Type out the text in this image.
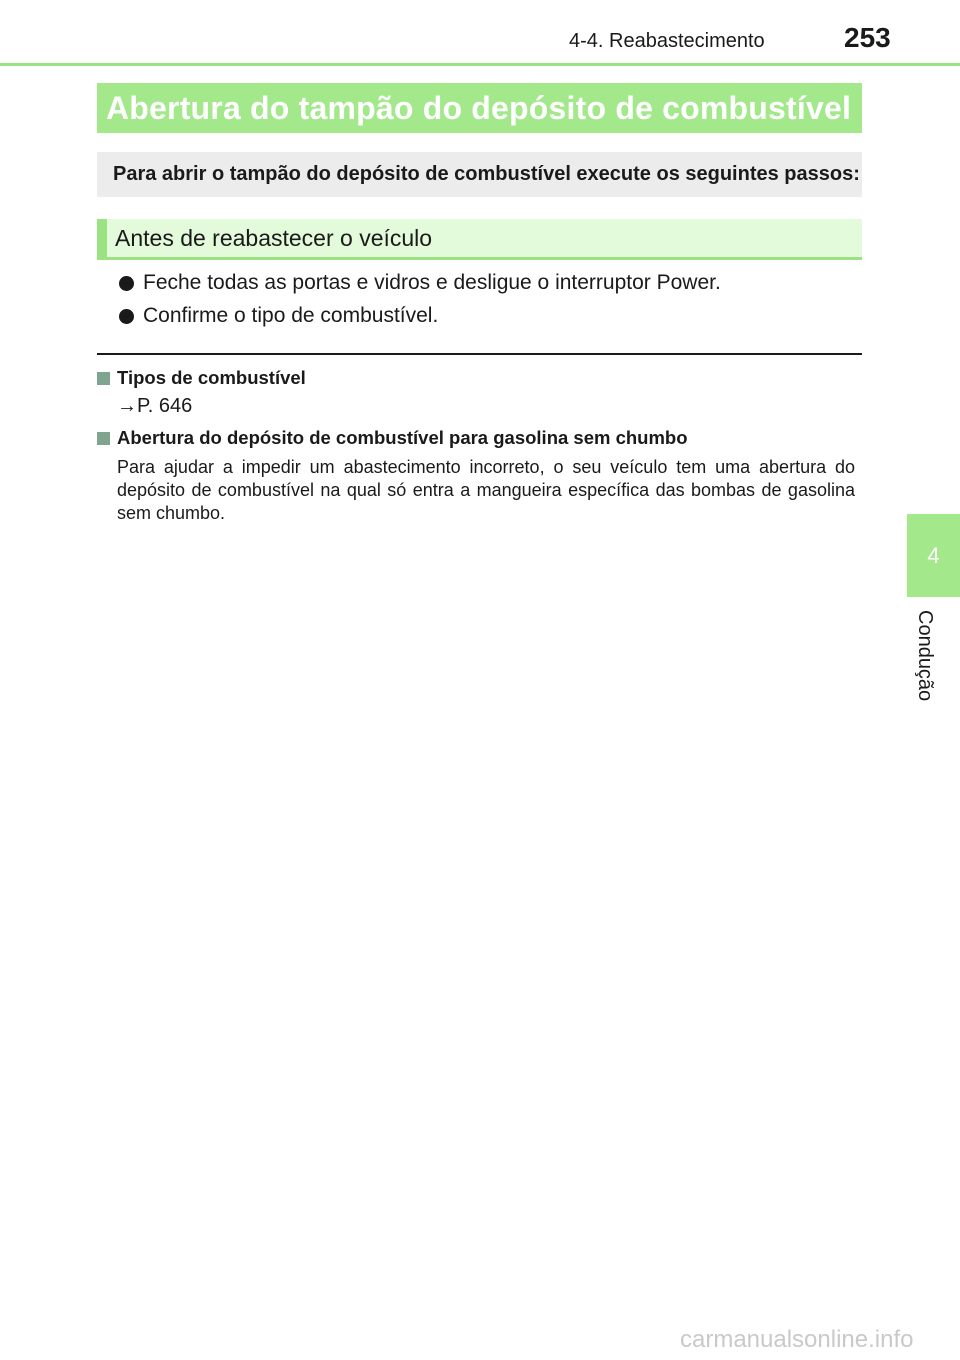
4-4. Reabastecimento	253
Abertura do tampão do depósito de combustível
Para abrir o tampão do depósito de combustível execute os seguintes passos:
Antes de reabastecer o veículo
Feche todas as portas e vidros e desligue o interruptor Power.
Confirme o tipo de combustível.
Tipos de combustível
→P. 646
Abertura do depósito de combustível para gasolina sem chumbo
Para ajudar a impedir um abastecimento incorreto, o seu veículo tem uma abertura do depósito de combustível na qual só entra a mangueira específica das bombas de gasolina sem chumbo.
4
Condução
carmanualsonline.info
